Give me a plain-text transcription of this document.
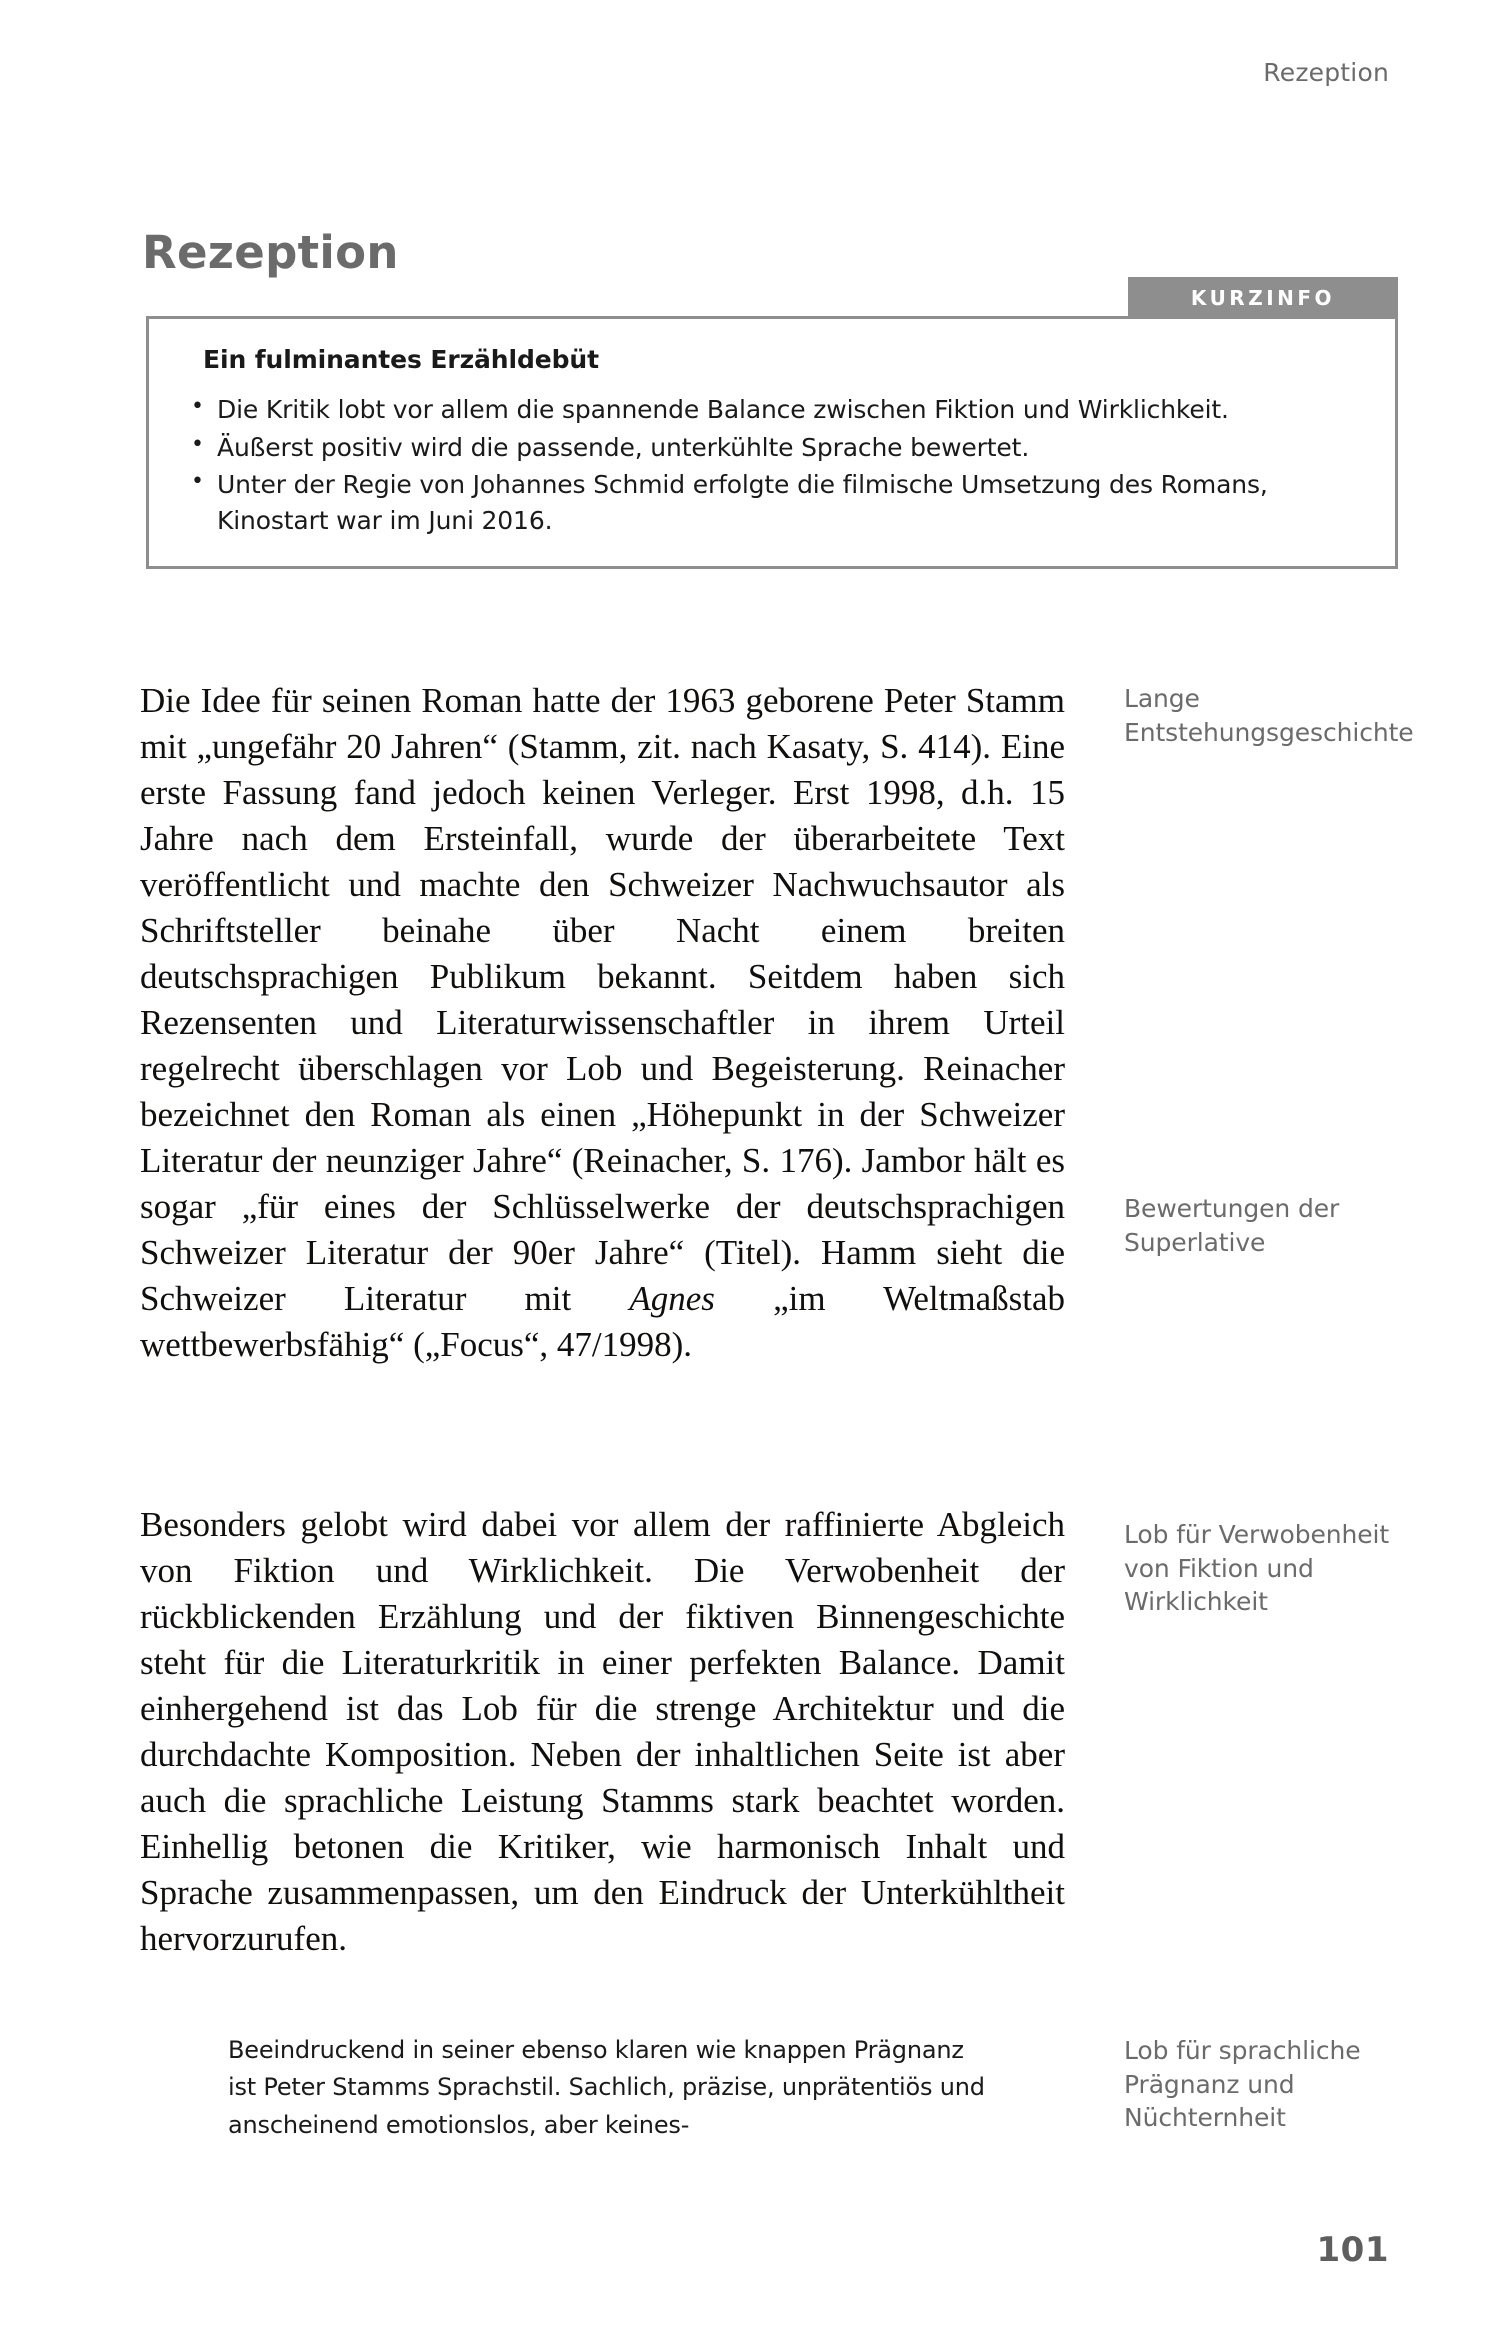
Rezeption
Rezeption
KURZINFO
Ein fulminantes Erzähldebüt
• Die Kritik lobt vor allem die spannende Balance zwischen Fiktion und Wirklichkeit.
• Äußerst positiv wird die passende, unterkühlte Sprache bewertet.
• Unter der Regie von Johannes Schmid erfolgte die filmische Umsetzung des Romans, Kinostart war im Juni 2016.

Die Idee für seinen Roman hatte der 1963 geborene Peter Stamm mit „ungefähr 20 Jahren“ (Stamm, zit. nach Kasaty, S. 414). Eine erste Fassung fand jedoch keinen Verleger. Erst 1998, d.h. 15 Jahre nach dem Ersteinfall, wurde der überarbeitete Text veröffentlicht und machte den Schweizer Nachwuchsautor als Schriftsteller beinahe über Nacht einem breiten deutschsprachigen Publikum bekannt. Seitdem haben sich Rezensenten und Literaturwissenschaftler in ihrem Urteil regelrecht überschlagen vor Lob und Begeisterung. Reinacher bezeichnet den Roman als einen „Höhepunkt in der Schweizer Literatur der neunziger Jahre“ (Reinacher, S. 176). Jambor hält es sogar „für eines der Schlüsselwerke der deutschsprachigen Schweizer Literatur der 90er Jahre“ (Titel). Hamm sieht die Schweizer Literatur mit Agnes „im Weltmaßstab wettbewerbsfähig“ („Focus“, 47/1998).

Besonders gelobt wird dabei vor allem der raffinierte Abgleich von Fiktion und Wirklichkeit. Die Verwobenheit der rückblickenden Erzählung und der fiktiven Binnengeschichte steht für die Literaturkritik in einer perfekten Balance. Damit einhergehend ist das Lob für die strenge Architektur und die durchdachte Komposition. Neben der inhaltlichen Seite ist aber auch die sprachliche Leistung Stamms stark beachtet worden. Einhellig betonen die Kritiker, wie harmonisch Inhalt und Sprache zusammenpassen, um den Eindruck der Unterkühltheit hervorzurufen.

Beeindruckend in seiner ebenso klaren wie knappen Prägnanz ist Peter Stamms Sprachstil. Sachlich, präzise, unprätentiös und anscheinend emotionslos, aber keines-
Lange Entstehungsgeschichte
Bewertungen der Superlative
Lob für Verwobenheit von Fiktion und Wirklichkeit
Lob für sprachliche Prägnanz und Nüchternheit
101
